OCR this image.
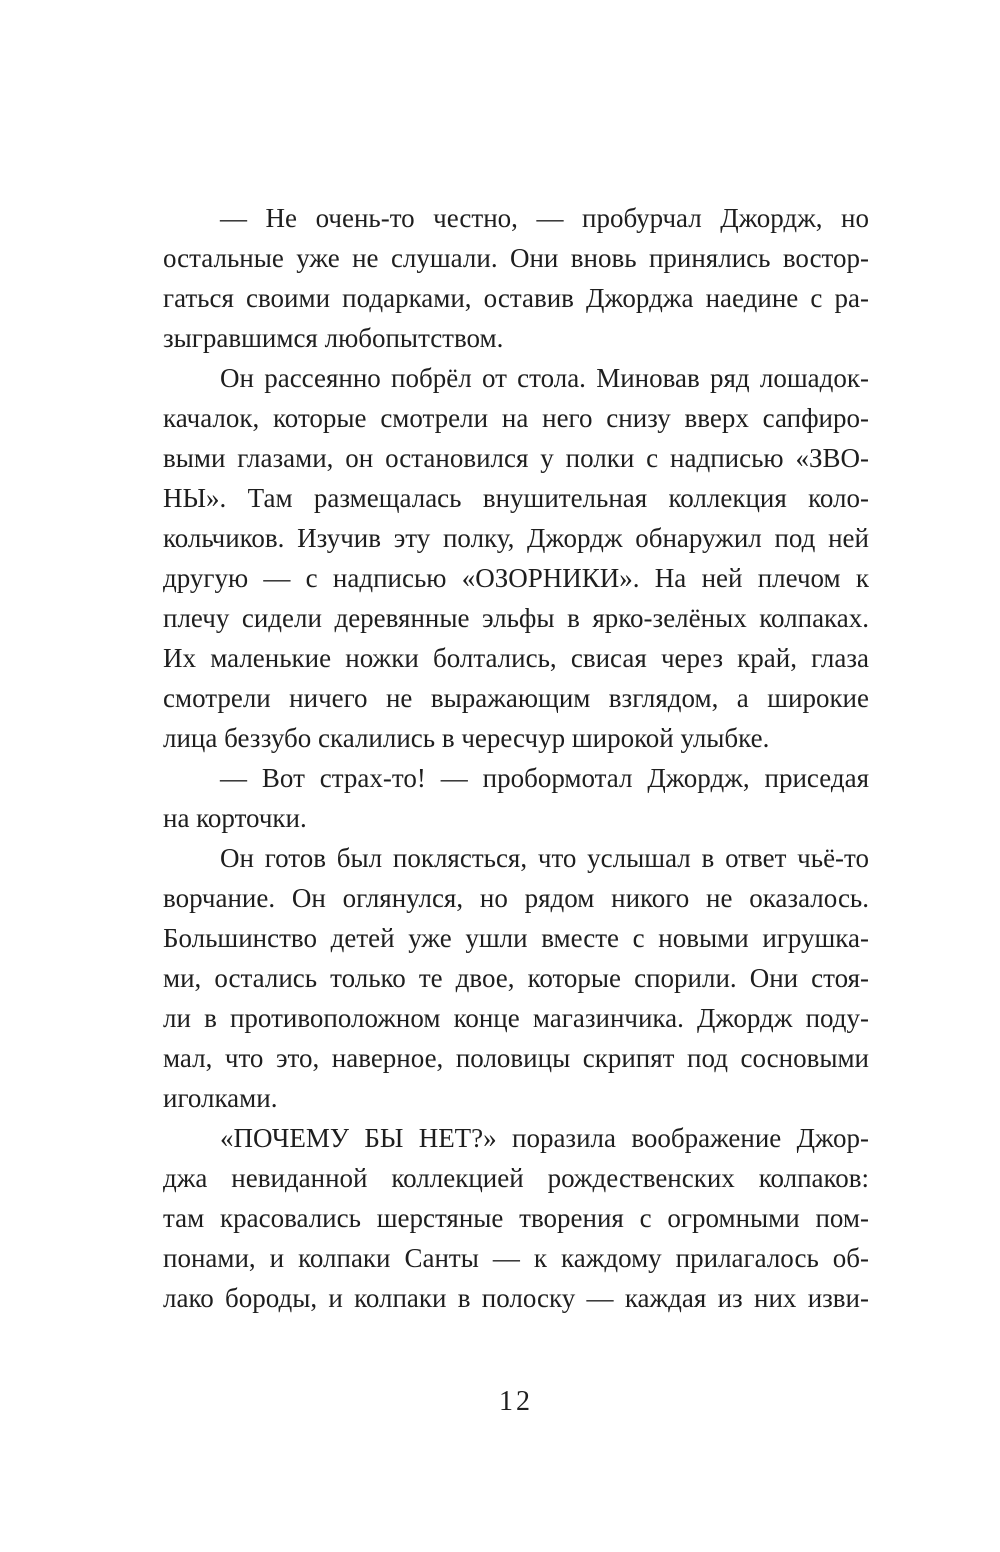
— Не очень-то честно, — пробурчал Джордж, но
остальные уже не слушали. Они вновь принялись востор-
гаться своими подарками, оставив Джорджа наедине с ра-
зыгравшимся любопытством.
Он рассеянно побрёл от стола. Миновав ряд лошадок-
качалок, которые смотрели на него снизу вверх сапфиро-
выми глазами, он остановился у полки с надписью «ЗВО-
НЫ». Там размещалась внушительная коллекция коло-
кольчиков. Изучив эту полку, Джордж обнаружил под ней
другую — с надписью «ОЗОРНИКИ». На ней плечом к
плечу сидели деревянные эльфы в ярко-зелёных колпаках.
Их маленькие ножки болтались, свисая через край, глаза
смотрели ничего не выражающим взглядом, а широкие
лица беззубо скалились в чересчур широкой улыбке.
— Вот страх-то! — пробормотал Джордж, приседая
на корточки.
Он готов был поклясться, что услышал в ответ чьё-то
ворчание. Он оглянулся, но рядом никого не оказалось.
Большинство детей уже ушли вместе с новыми игрушка-
ми, остались только те двое, которые спорили. Они стоя-
ли в противоположном конце магазинчика. Джордж поду-
мал, что это, наверное, половицы скрипят под сосновыми
иголками.
«ПОЧЕМУ БЫ НЕТ?» поразила воображение Джор-
джа невиданной коллекцией рождественских колпаков:
там красовались шерстяные творения с огромными пом-
понами, и колпаки Санты — к каждому прилагалось об-
лако бороды, и колпаки в полоску — каждая из них изви-
12
